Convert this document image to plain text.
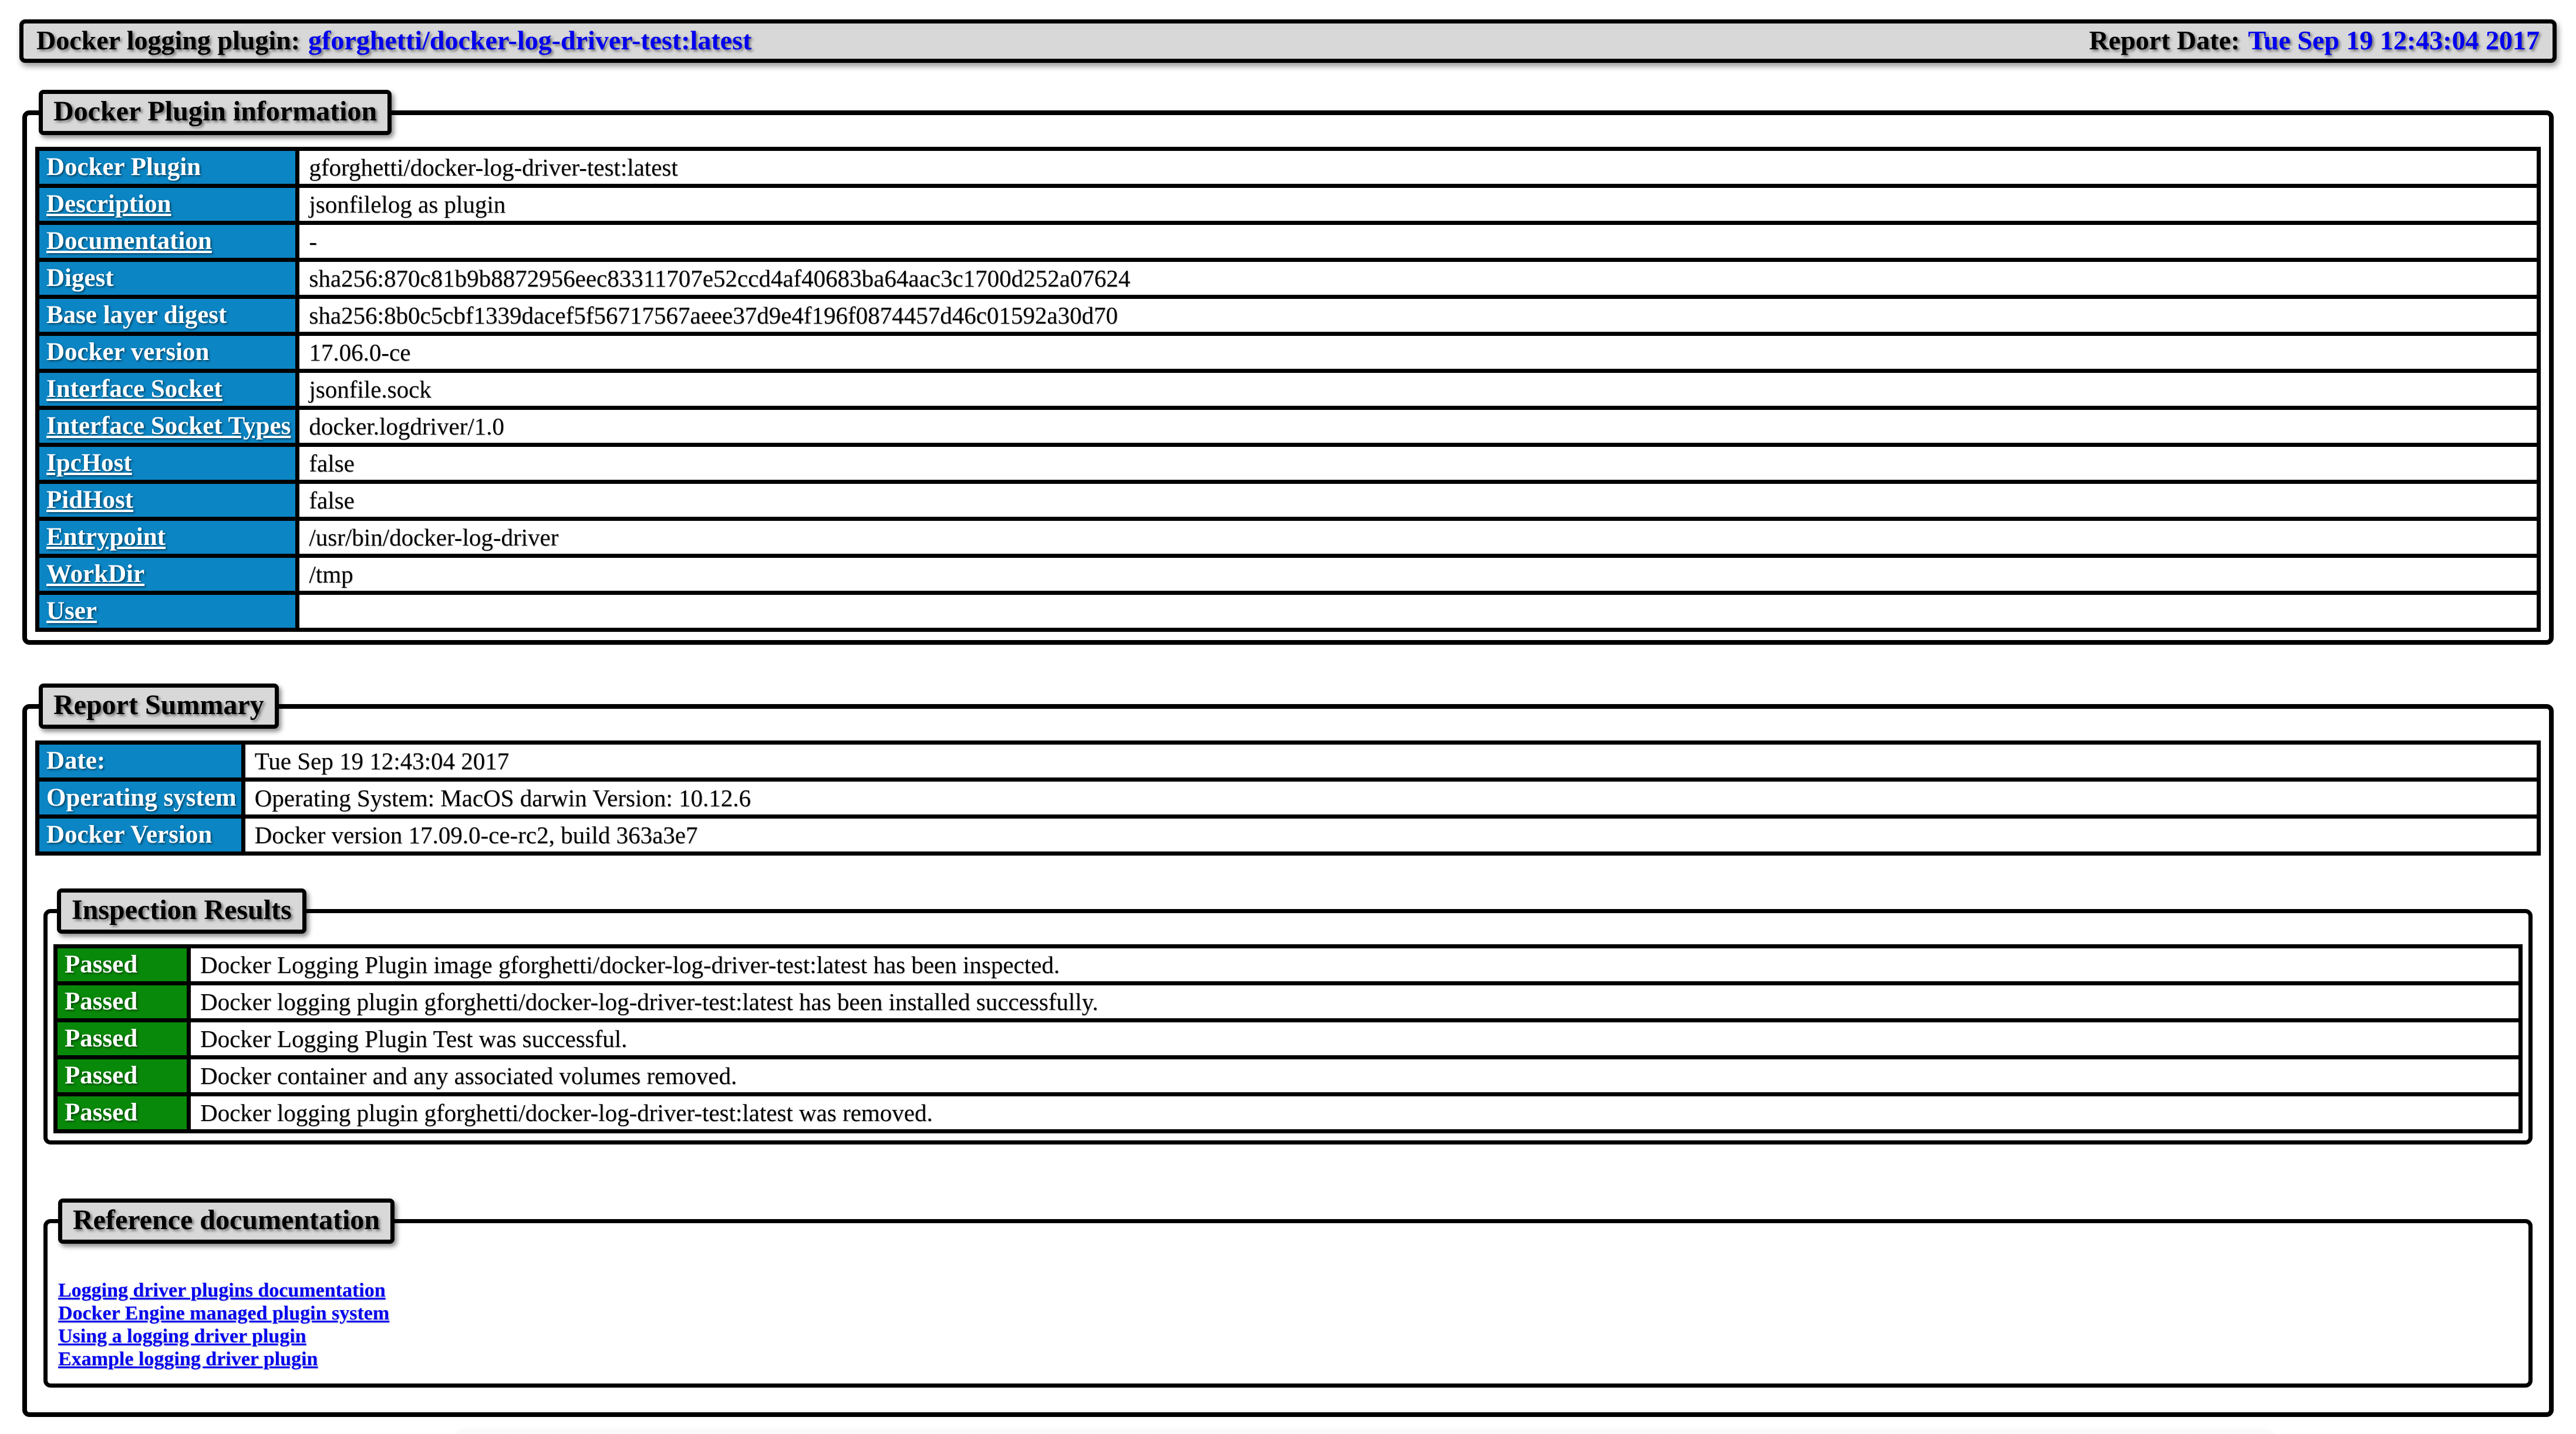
Docker logging plugin: gforghetti/docker-log-driver-test:latest	Report Date: Tue Sep 19 12:43:04 2017
Docker Plugin information
Docker Plugin	gforghetti/docker-log-driver-test:latest
Description	jsonfilelog as plugin
Documentation	-
Digest	sha256:870c81b9b8872956eec83311707e52ccd4af40683ba64aac3c1700d252a07624
Base layer digest	sha256:8b0c5cbf1339dacef5f56717567aeee37d9e4f196f0874457d46c01592a30d70
Docker version	17.06.0-ce
Interface Socket	jsonfile.sock
Interface Socket Types	docker.logdriver/1.0
IpcHost	false
PidHost	false
Entrypoint	/usr/bin/docker-log-driver
WorkDir	/tmp
User	
Report Summary
Date:	Tue Sep 19 12:43:04 2017
Operating system	Operating System: MacOS darwin Version: 10.12.6
Docker Version	Docker version 17.09.0-ce-rc2, build 363a3e7
Inspection Results
Passed	Docker Logging Plugin image gforghetti/docker-log-driver-test:latest has been inspected.
Passed	Docker logging plugin gforghetti/docker-log-driver-test:latest has been installed successfully.
Passed	Docker Logging Plugin Test was successful.
Passed	Docker container and any associated volumes removed.
Passed	Docker logging plugin gforghetti/docker-log-driver-test:latest was removed.
Reference documentation
Logging driver plugins documentation
Docker Engine managed plugin system
Using a logging driver plugin
Example logging driver plugin
